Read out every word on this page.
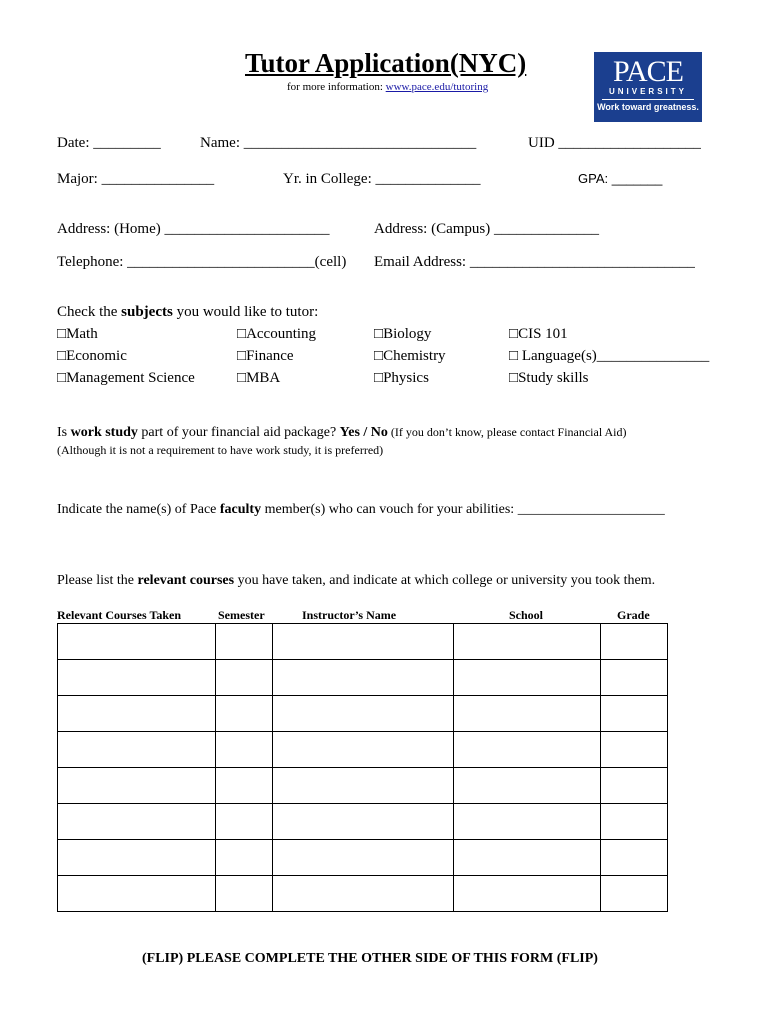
Tutor Application(NYC)
for more information: www.pace.edu/tutoring	PACE
UNIVERSITY
Work toward greatness.
Date: _________	Name: _______________________________	UID ___________________
Major: _______________	Yr. in College: ______________	GPA: _______
Address: (Home) ______________________	Address: (Campus) ______________
Telephone: _________________________(cell) Email Address: ______________________________
Check the subjects you would like to tutor:
□Math	□Accounting	□Biology	□CIS 101
□Economic	□Finance	□Chemistry	□ Language(s)_______________
□Management Science	□MBA	□Physics	□Study skills
Is work study part of your financial aid package? Yes / No (If you don’t know, please contact Financial Aid)
(Although it is not a requirement to have work study, it is preferred)
Indicate the name(s) of Pace faculty member(s) who can vouch for your abilities: _____________________
Please list the relevant courses you have taken, and indicate at which college or university you took them.
Relevant Courses Taken	Semester	Instructor’s Name	School	Grade

(FLIP) PLEASE COMPLETE THE OTHER SIDE OF THIS FORM (FLIP)
